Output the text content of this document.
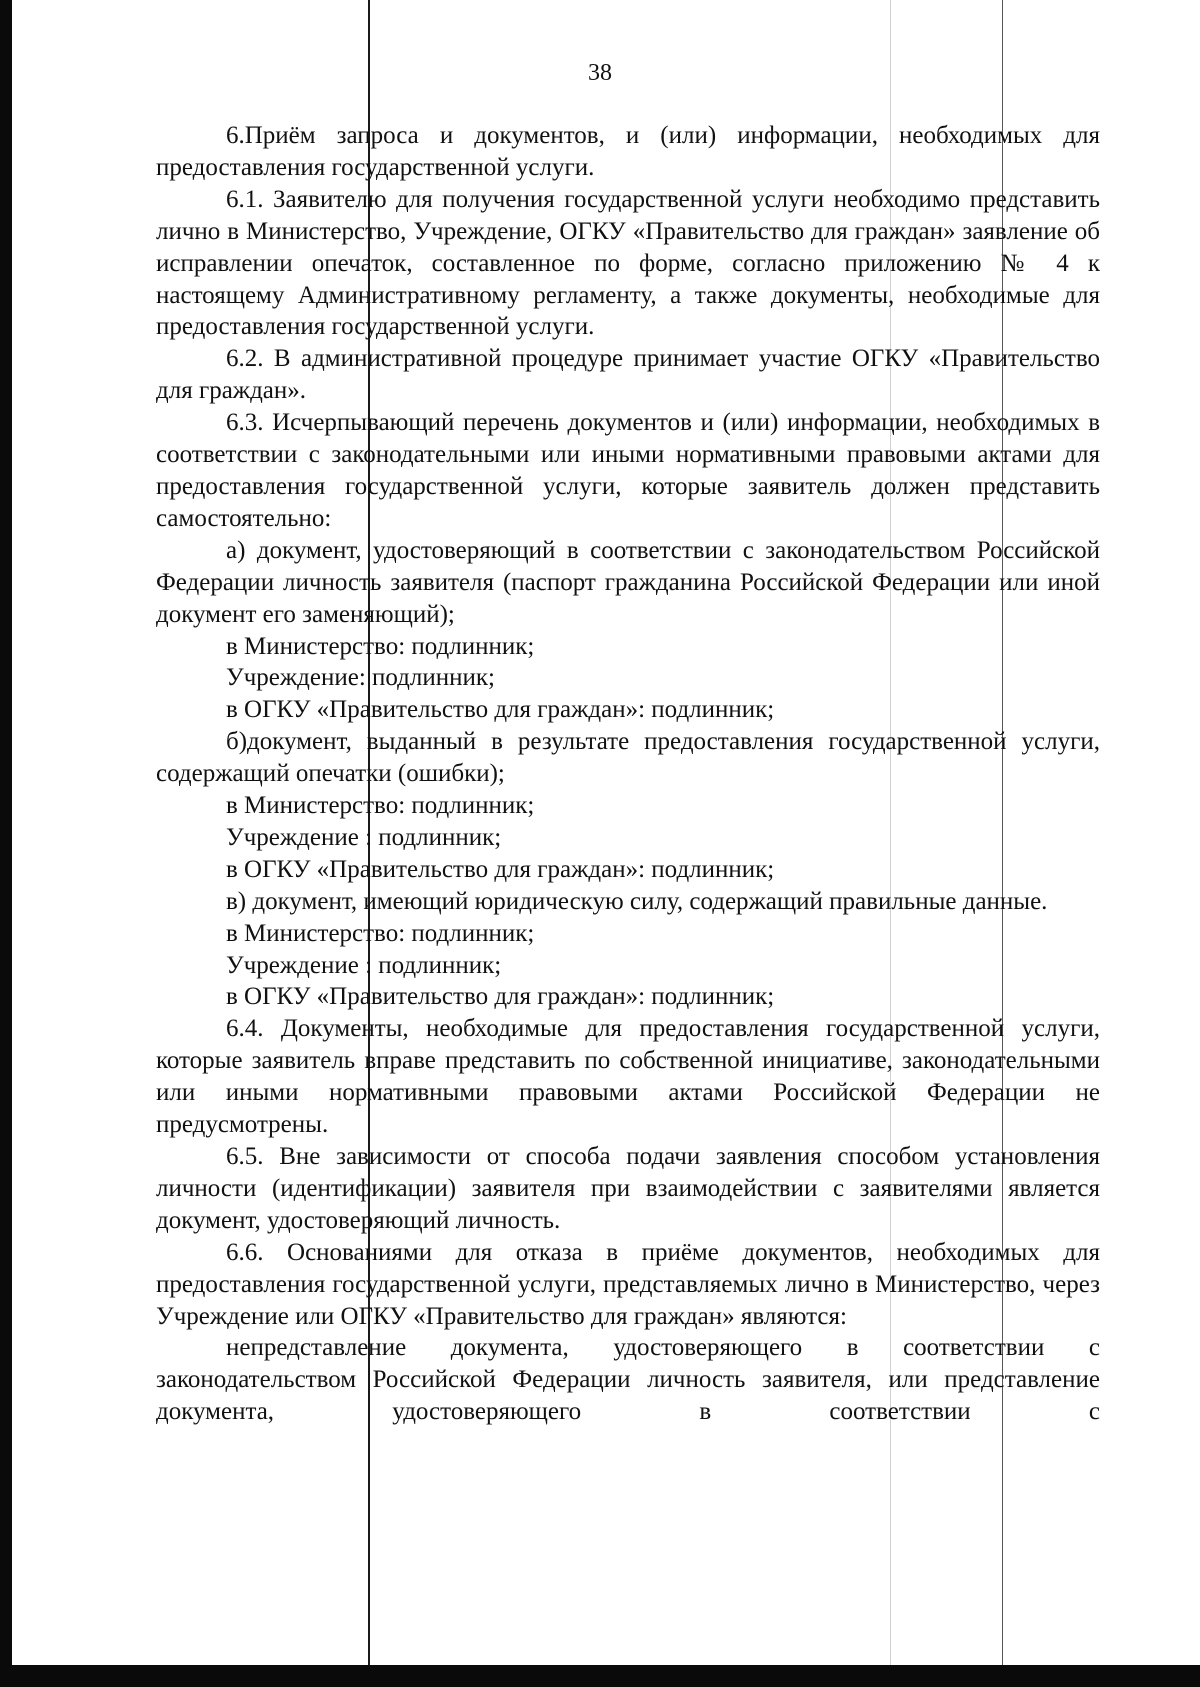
38

6.Приём запроса и документов, и (или) информации, необходимых для предоставления государственной услуги.

6.1. Заявителю для получения государственной услуги необходимо представить лично в Министерство, Учреждение, ОГКУ «Правительство для граждан» заявление об исправлении опечаток, составленное по форме, согласно приложению № 4 к настоящему Административному регламенту, а также документы, необходимые для предоставления государственной услуги.

6.2. В административной процедуре принимает участие ОГКУ «Правительство для граждан».

6.3. Исчерпывающий перечень документов и (или) информации, необходимых в соответствии с законодательными или иными нормативными правовыми актами для предоставления государственной услуги, которые заявитель должен представить самостоятельно:

а) документ, удостоверяющий в соответствии с законодательством Российской Федерации личность заявителя (паспорт гражданина Российской Федерации или иной документ его заменяющий);

в Министерство: подлинник;

Учреждение: подлинник;

в ОГКУ «Правительство для граждан»: подлинник;

б)документ, выданный в результате предоставления государственной услуги, содержащий опечатки (ошибки);

в Министерство: подлинник;

Учреждение : подлинник;

в ОГКУ «Правительство для граждан»: подлинник;

в) документ, имеющий юридическую силу, содержащий правильные данные.

в Министерство: подлинник;

Учреждение : подлинник;

в ОГКУ «Правительство для граждан»: подлинник;

6.4. Документы, необходимые для предоставления государственной услуги, которые заявитель вправе представить по собственной инициативе, законодательными или иными нормативными правовыми актами Российской Федерации не предусмотрены.

6.5. Вне зависимости от способа подачи заявления способом установления личности (идентификации) заявителя при взаимодействии с заявителями является документ, удостоверяющий личность.

6.6. Основаниями для отказа в приёме документов, необходимых для предоставления государственной услуги, представляемых лично в Министерство, через Учреждение или ОГКУ «Правительство для граждан» являются:

непредставление документа, удостоверяющего в соответствии с законодательством Российской Федерации личность заявителя, или представление документа, удостоверяющего в соответствии с
